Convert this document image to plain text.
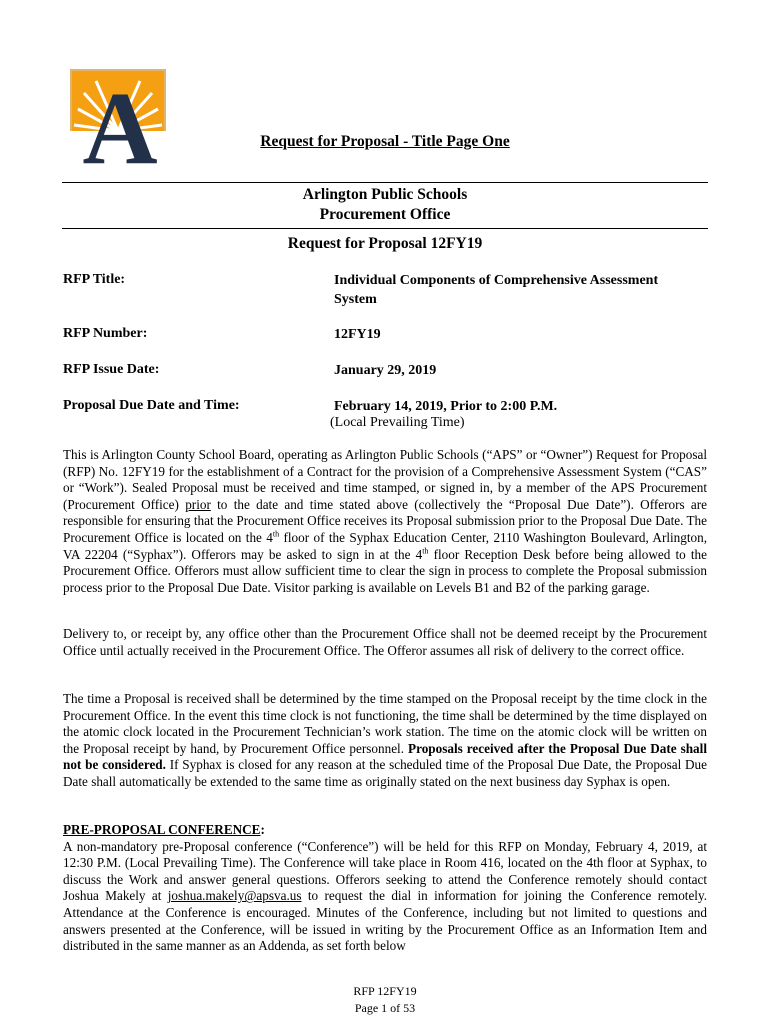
A	Request for Proposal - Title Page One
Arlington Public Schools
Procurement Office
Request for Proposal 12FY19
RFP Title:	Individual Components of Comprehensive Assessment
System
RFP Number:	12FY19
RFP Issue Date:	January 29, 2019
Proposal Due Date and Time:	February 14, 2019, Prior to 2:00 P.M.
(Local Prevailing Time)

This is Arlington County School Board, operating as Arlington Public Schools (“APS” or “Owner”) Request for Proposal (RFP) No. 12FY19 for the establishment of a Contract for the provision of a Comprehensive Assessment System (“CAS” or “Work”). Sealed Proposal must be received and time stamped, or signed in, by a member of the APS Procurement (Procurement Office) prior to the date and time stated above (collectively the “Proposal Due Date”). Offerors are responsible for ensuring that the Procurement Office receives its Proposal submission prior to the Proposal Due Date. The Procurement Office is located on the 4th floor of the Syphax Education Center, 2110 Washington Boulevard, Arlington, VA 22204 (“Syphax”). Offerors may be asked to sign in at the 4th floor Reception Desk before being allowed to the Procurement Office. Offerors must allow sufficient time to clear the sign in process to complete the Proposal submission process prior to the Proposal Due Date. Visitor parking is available on Levels B1 and B2 of the parking garage.

Delivery to, or receipt by, any office other than the Procurement Office shall not be deemed receipt by the Procurement Office until actually received in the Procurement Office. The Offeror assumes all risk of delivery to the correct office.

The time a Proposal is received shall be determined by the time stamped on the Proposal receipt by the time clock in the Procurement Office. In the event this time clock is not functioning, the time shall be determined by the time displayed on the atomic clock located in the Procurement Technician’s work station. The time on the atomic clock will be written on the Proposal receipt by hand, by Procurement Office personnel. Proposals received after the Proposal Due Date shall not be considered. If Syphax is closed for any reason at the scheduled time of the Proposal Due Date, the Proposal Due Date shall automatically be extended to the same time as originally stated on the next business day Syphax is open.

PRE-PROPOSAL CONFERENCE:
A non-mandatory pre-Proposal conference (“Conference”) will be held for this RFP on Monday, February 4, 2019, at 12:30 P.M. (Local Prevailing Time). The Conference will take place in Room 416, located on the 4th floor at Syphax, to discuss the Work and answer general questions. Offerors seeking to attend the Conference remotely should contact Joshua Makely at joshua.makely@apsva.us to request the dial in information for joining the Conference remotely. Attendance at the Conference is encouraged. Minutes of the Conference, including but not limited to questions and answers presented at the Conference, will be issued in writing by the Procurement Office as an Information Item and distributed in the same manner as an Addenda, as set forth below

RFP 12FY19
Page 1 of 53
